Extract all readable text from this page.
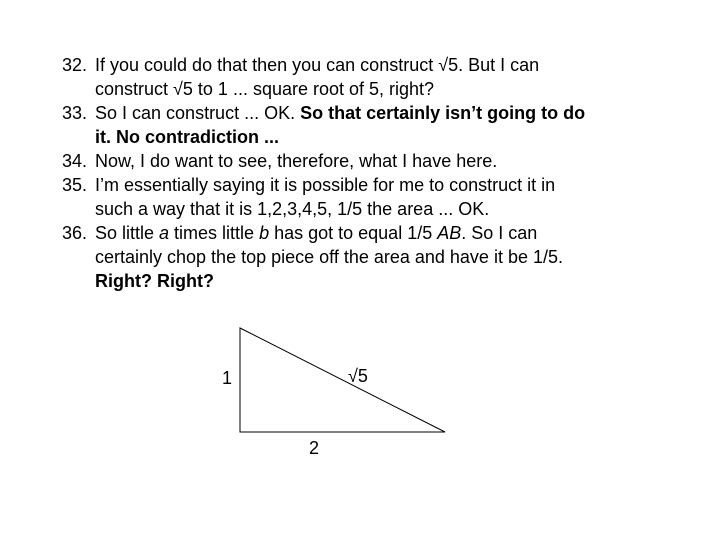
32. If you could do that then you can construct √5. But I can
construct √5 to 1 ... square root of 5, right?
33. So I can construct ... OK. So that certainly isn’t going to do
it. No contradiction ...
34. Now, I do want to see, therefore, what I have here.
35. I’m essentially saying it is possible for me to construct it in
such a way that it is 1,2,3,4,5, 1/5 the area ... OK.
36. So little a times little b has got to equal 1/5 AB. So I can
certainly chop the top piece off the area and have it be 1/5.
Right? Right?
1	√5
2
